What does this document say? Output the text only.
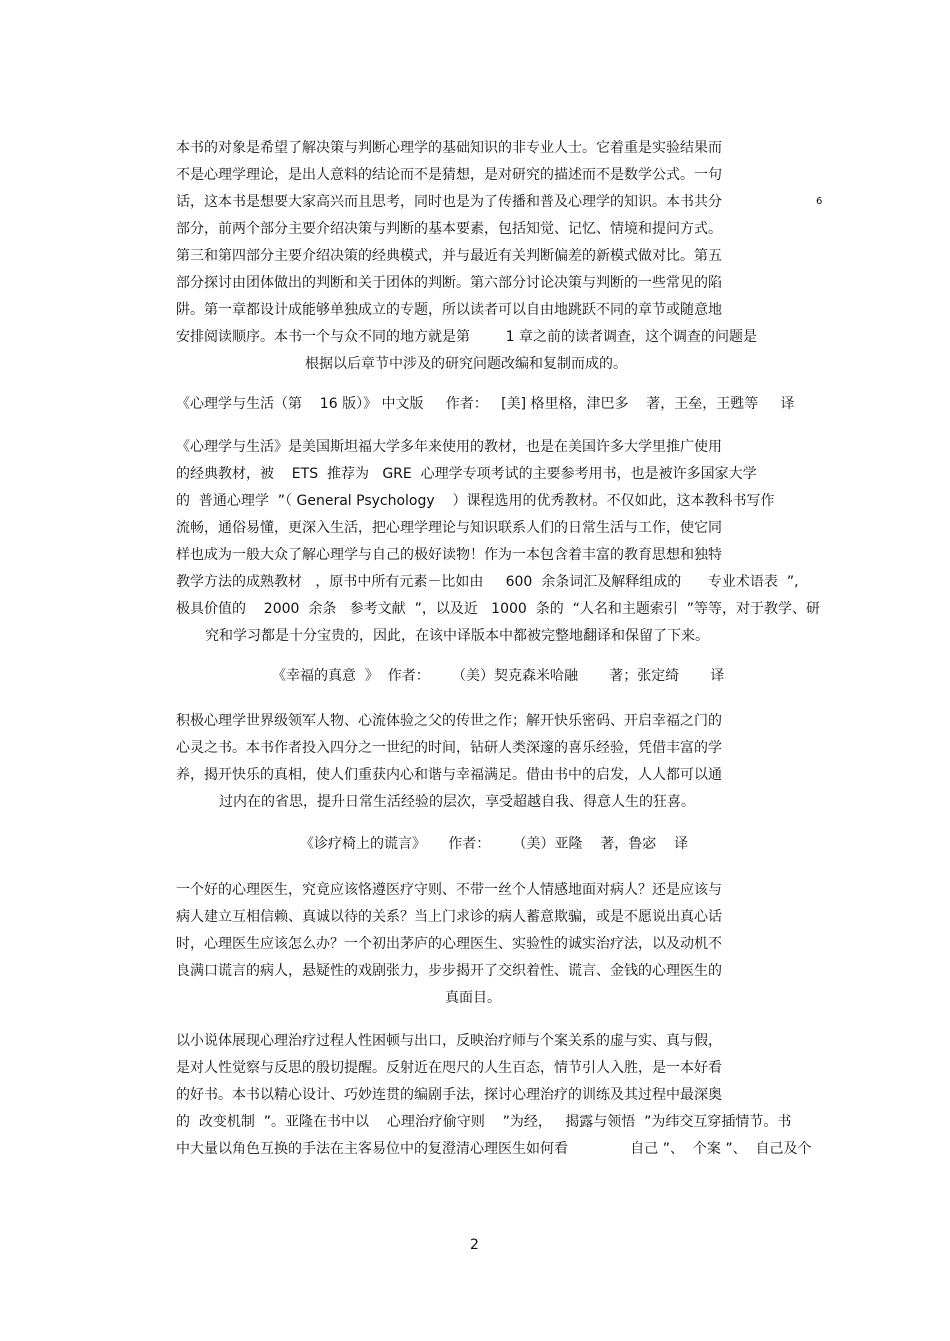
本书的对象是希望了解决策与判断心理学的基础知识的非专业人士。它着重是实验结果而

不是心理学理论，是出人意料的结论而不是猜想，是对研究的描述而不是数学公式。一句

话，这本书是想要大家高兴而且思考，同时也是为了传播和普及心理学的知识。本书共分	6

部分，前两个部分主要介绍决策与判断的基本要素，包括知觉、记忆、情境和提问方式。

第三和第四部分主要介绍决策的经典模式，并与最近有关判断偏差的新模式做对比。第五

部分探讨由团体做出的判断和关于团体的判断。第六部分讨论决策与判断的一些常见的陷

阱。第一章都设计成能够单独成立的专题，所以读者可以自由地跳跃不同的章节或随意地

安排阅读顺序。本书一个与众不同的地方就是第        1 章之前的读者调查，这个调查的问题是

根据以后章节中涉及的研究问题改编和复制而成的。

《心理学与生活（第    16 版）》 中文版     作者：   [美] 格里格，津巴多    著，王垒，王甦等     译

《心理学与生活》是美国斯坦福大学多年来使用的教材，也是在美国许多大学里推广使用

的经典教材，被    ETS  推荐为   GRE  心理学专项考试的主要参考用书，也是被许多国家大学

的  普通心理学  ”（ General Psychology    ）课程选用的优秀教材。不仅如此，这本教科书写作

流畅，通俗易懂，更深入生活，把心理学理论与知识联系人们的日常生活与工作，使它同

样也成为一般大众了解心理学与自己的极好读物！作为一本包含着丰富的教育思想和独特

教学方法的成熟教材   ，原书中所有元素－比如由     600  余条词汇及解释组成的      专业术语表  ”,

极具价值的    2000  余条   参考文献  ”，以及近   1000  条的  “人名和主题索引  ”等等，对于教学、研

究和学习都是十分宝贵的，因此，在该中译版本中都被完整地翻译和保留了下来。

《幸福的真意  》  作者：     （美）契克森米哈融       著；张定绮       译

积极心理学世界级领军人物、心流体验之父的传世之作；解开快乐密码、开启幸福之门的

心灵之书。本书作者投入四分之一世纪的时间，钻研人类深邃的喜乐经验，凭借丰富的学

养，揭开快乐的真相，使人们重获内心和谐与幸福满足。借由书中的启发，人人都可以通

过内在的省思，提升日常生活经验的层次，享受超越自我、得意人生的狂喜。

《诊疗椅上的谎言》     作者：     （美）亚隆    著，鲁宓    译

一个好的心理医生，究竟应该恪遵医疗守则、不带一丝个人情感地面对病人？还是应该与

病人建立互相信赖、真诚以待的关系？当上门求诊的病人蓄意欺骗，或是不愿说出真心话

时，心理医生应该怎么办？一个初出茅庐的心理医生、实验性的诚实治疗法，以及动机不

良满口谎言的病人，悬疑性的戏剧张力，步步揭开了交织着性、谎言、金钱的心理医生的

真面目。

以小说体展现心理治疗过程人性困顿与出口，反映治疗师与个案关系的虚与实、真与假，

是对人性觉察与反思的殷切提醒。反射近在咫尺的人生百态，情节引人入胜，是一本好看

的好书。本书以精心设计、巧妙连贯的编剧手法，探讨心理治疗的训练及其过程中最深奥

的  改变机制  ”。亚隆在书中以    心理治疗偷守则    ”为经，   揭露与领悟  ”为纬交互穿插情节。书

中大量以角色互换的手法在主客易位中的复澄清心理医生如何看              自己 ”、  个案 ”、  自己及个

2
